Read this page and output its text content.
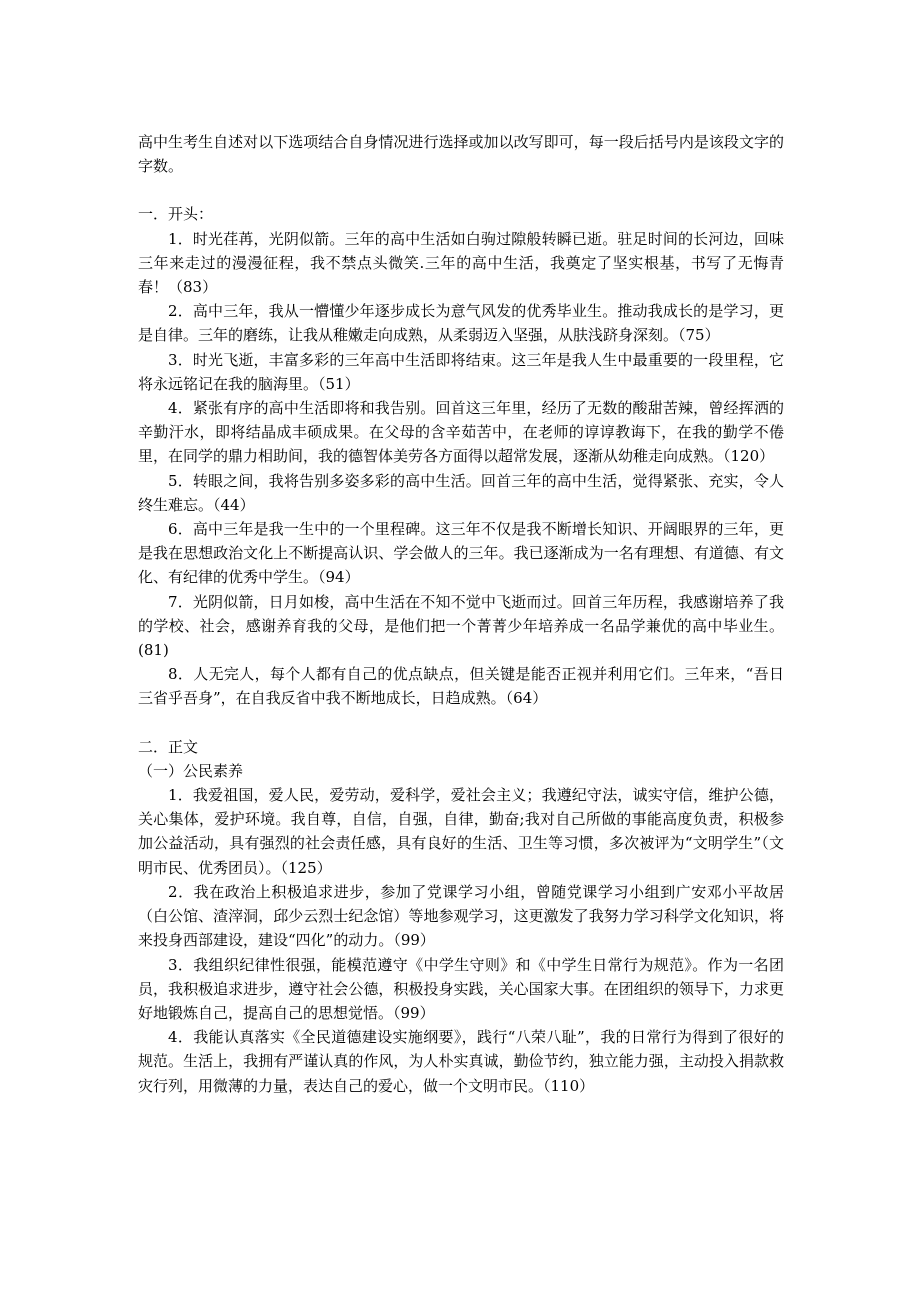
高中生考生自述对以下选项结合自身情况进行选择或加以改写即可，每一段后括号内是该段文字的字数。

一．开头：

1．时光荏苒，光阴似箭。三年的高中生活如白驹过隙般转瞬已逝。驻足时间的长河边，回味三年来走过的漫漫征程，我不禁点头微笑.三年的高中生活，我奠定了坚实根基，书写了无悔青春！（83）

2．高中三年，我从一懵懂少年逐步成长为意气风发的优秀毕业生。推动我成长的是学习，更是自律。三年的磨练，让我从稚嫩走向成熟，从柔弱迈入坚强，从肤浅跻身深刻。（75）

3．时光飞逝，丰富多彩的三年高中生活即将结束。这三年是我人生中最重要的一段里程，它将永远铭记在我的脑海里。（51）

4．紧张有序的高中生活即将和我告别。回首这三年里，经历了无数的酸甜苦辣，曾经挥洒的辛勤汗水，即将结晶成丰硕成果。在父母的含辛茹苦中，在老师的谆谆教诲下，在我的勤学不倦里，在同学的鼎力相助间，我的德智体美劳各方面得以超常发展，逐渐从幼稚走向成熟。（120）

5．转眼之间，我将告别多姿多彩的高中生活。回首三年的高中生活，觉得紧张、充实，令人终生难忘。（44）

6．高中三年是我一生中的一个里程碑。这三年不仅是我不断增长知识、开阔眼界的三年，更是我在思想政治文化上不断提高认识、学会做人的三年。我已逐渐成为一名有理想、有道德、有文化、有纪律的优秀中学生。（94）

7．光阴似箭，日月如梭，高中生活在不知不觉中飞逝而过。回首三年历程，我感谢培养了我的学校、社会，感谢养育我的父母，是他们把一个菁菁少年培养成一名品学兼优的高中毕业生。(81)

8．人无完人，每个人都有自己的优点缺点，但关键是能否正视并利用它们。三年来，“吾日三省乎吾身”，在自我反省中我不断地成长，日趋成熟。（64）

二．正文

（一）公民素养

1．我爱祖国，爱人民，爱劳动，爱科学，爱社会主义；我遵纪守法，诚实守信，维护公德，关心集体，爱护环境。我自尊，自信，自强，自律，勤奋;我对自己所做的事能高度负责，积极参加公益活动，具有强烈的社会责任感，具有良好的生活、卫生等习惯，多次被评为“文明学生”（文明市民、优秀团员）。（125）

2．我在政治上积极追求进步，参加了党课学习小组，曾随党课学习小组到广安邓小平故居（白公馆、渣滓洞，邱少云烈士纪念馆）等地参观学习，这更激发了我努力学习科学文化知识，将来投身西部建设，建设“四化”的动力。（99）

3．我组织纪律性很强，能模范遵守《中学生守则》和《中学生日常行为规范》。作为一名团员，我积极追求进步，遵守社会公德，积极投身实践，关心国家大事。在团组织的领导下，力求更好地锻炼自己，提高自己的思想觉悟。（99）

4．我能认真落实《全民道德建设实施纲要》，践行“八荣八耻”，我的日常行为得到了很好的规范。生活上，我拥有严谨认真的作风，为人朴实真诚，勤俭节约，独立能力强，主动投入捐款救灾行列，用微薄的力量，表达自己的爱心，做一个文明市民。（110）
